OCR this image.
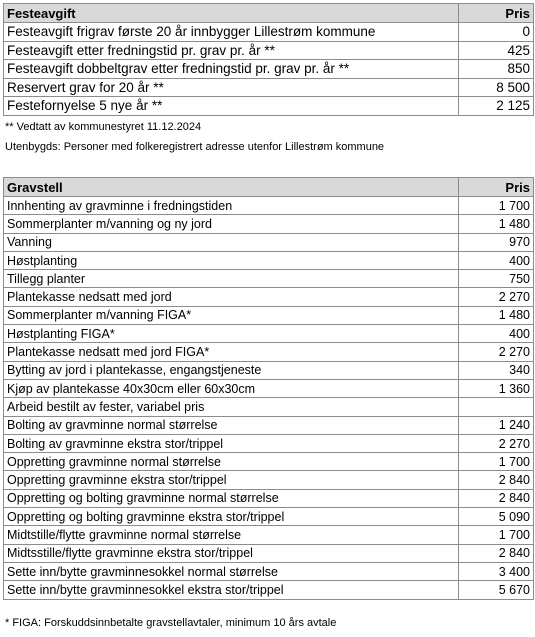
Festeavgift	Pris
Festeavgift frigrav første 20 år innbygger Lillestrøm kommune	0
Festeavgift etter fredningstid pr. grav pr. år **	425
Festeavgift dobbeltgrav etter fredningstid pr. grav pr. år **	850
Reservert grav for 20 år **	8 500
Festefornyelse 5 nye år **	2 125
** Vedtatt av kommunestyret 11.12.2024
Utenbygds: Personer med folkeregistrert adresse utenfor Lillestrøm kommune
Gravstell	Pris
Innhenting av gravminne i fredningstiden	1 700
Sommerplanter m/vanning og ny jord	1 480
Vanning	970
Høstplanting	400
Tillegg planter	750
Plantekasse nedsatt med jord	2 270
Sommerplanter m/vanning FIGA*	1 480
Høstplanting FIGA*	400
Plantekasse nedsatt med jord FIGA*	2 270
Bytting av jord i plantekasse, engangstjeneste	340
Kjøp av plantekasse 40x30cm eller 60x30cm	1 360
Arbeid bestilt av fester, variabel pris	
Bolting av gravminne normal størrelse	1 240
Bolting av gravminne ekstra stor/trippel	2 270
Oppretting gravminne normal størrelse	1 700
Oppretting gravminne ekstra stor/trippel	2 840
Oppretting og bolting gravminne normal størrelse	2 840
Oppretting og bolting gravminne ekstra stor/trippel	5 090
Midtstille/flytte gravminne normal størrelse	1 700
Midtsstille/flytte gravminne ekstra stor/trippel	2 840
Sette inn/bytte gravminnesokkel normal størrelse	3 400
Sette inn/bytte gravminnesokkel ekstra stor/trippel	5 670
* FIGA: Forskuddsinnbetalte gravstellavtaler, minimum 10 års avtale
